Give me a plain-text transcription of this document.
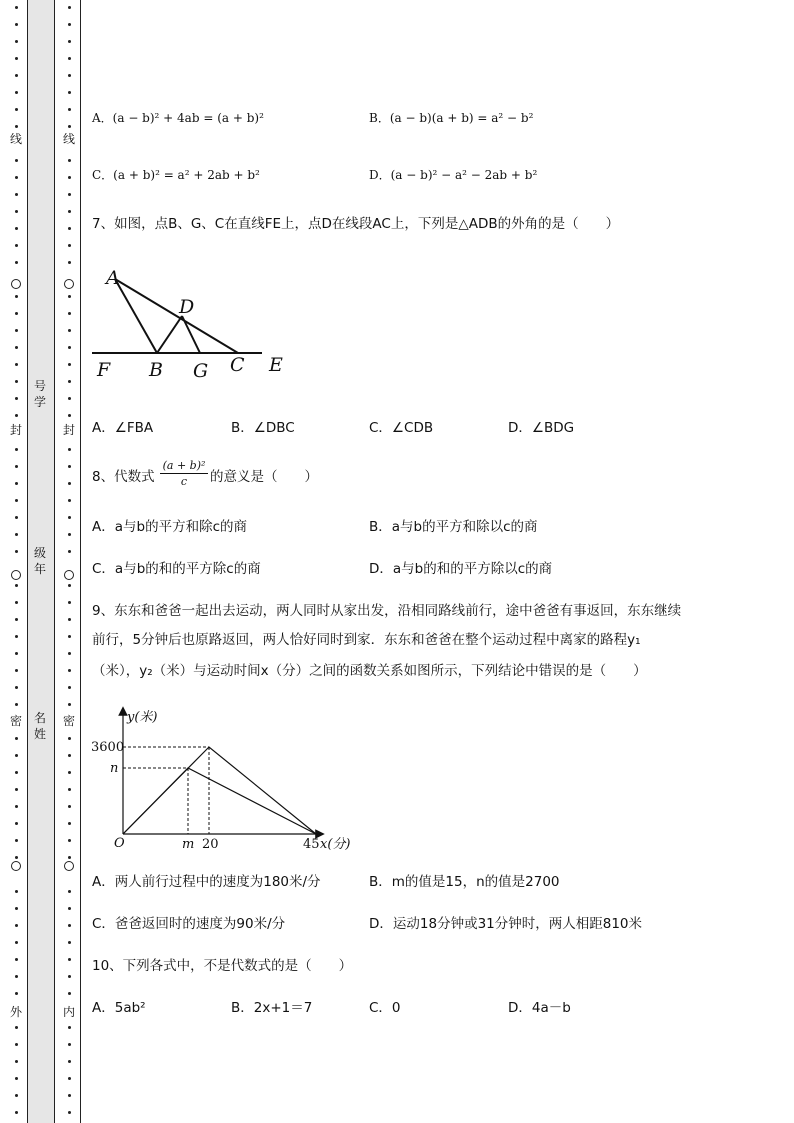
线
封
密
外
线
封
密
内
号学
级年
名姓
A．(a − b)² + 4ab = (a + b)²	B．(a − b)(a + b) = a² − b²
C．(a + b)² = a² + 2ab + b²	D．(a − b)² − a² − 2ab + b²
7、如图，点B、G、C在直线FE上，点D在线段AC上，下列是△ADB的外角的是（　　）
A
D
F B G C E
A．∠FBA	B．∠DBC	C．∠CDB	D．∠BDG
8、代数式 $\frac{\text{(a + b)²}}{c}$ 的意义是（　　）
A．a与b的平方和除c的商	B．a与b的平方和除以c的商
C．a与b的和的平方除c的商	D．a与b的和的平方除以c的商
9、东东和爸爸一起出去运动，两人同时从家出发，沿相同路线前行，途中爸爸有事返回，东东继续
前行，5分钟后也原路返回，两人恰好同时到家．东东和爸爸在整个运动过程中离家的路程y₁
（米），y₂（米）与运动时间x（分）之间的函数关系如图所示，下列结论中错误的是（　　）
y(米)
3600
n
O	m 20	45 x(分)
A．两人前行过程中的速度为180米/分	B．m的值是15，n的值是2700
C．爸爸返回时的速度为90米/分	D．运动18分钟或31分钟时，两人相距810米
10、下列各式中，不是代数式的是（　　）
A．5ab²	B．2x+1＝7	C．0	D．4a－b
